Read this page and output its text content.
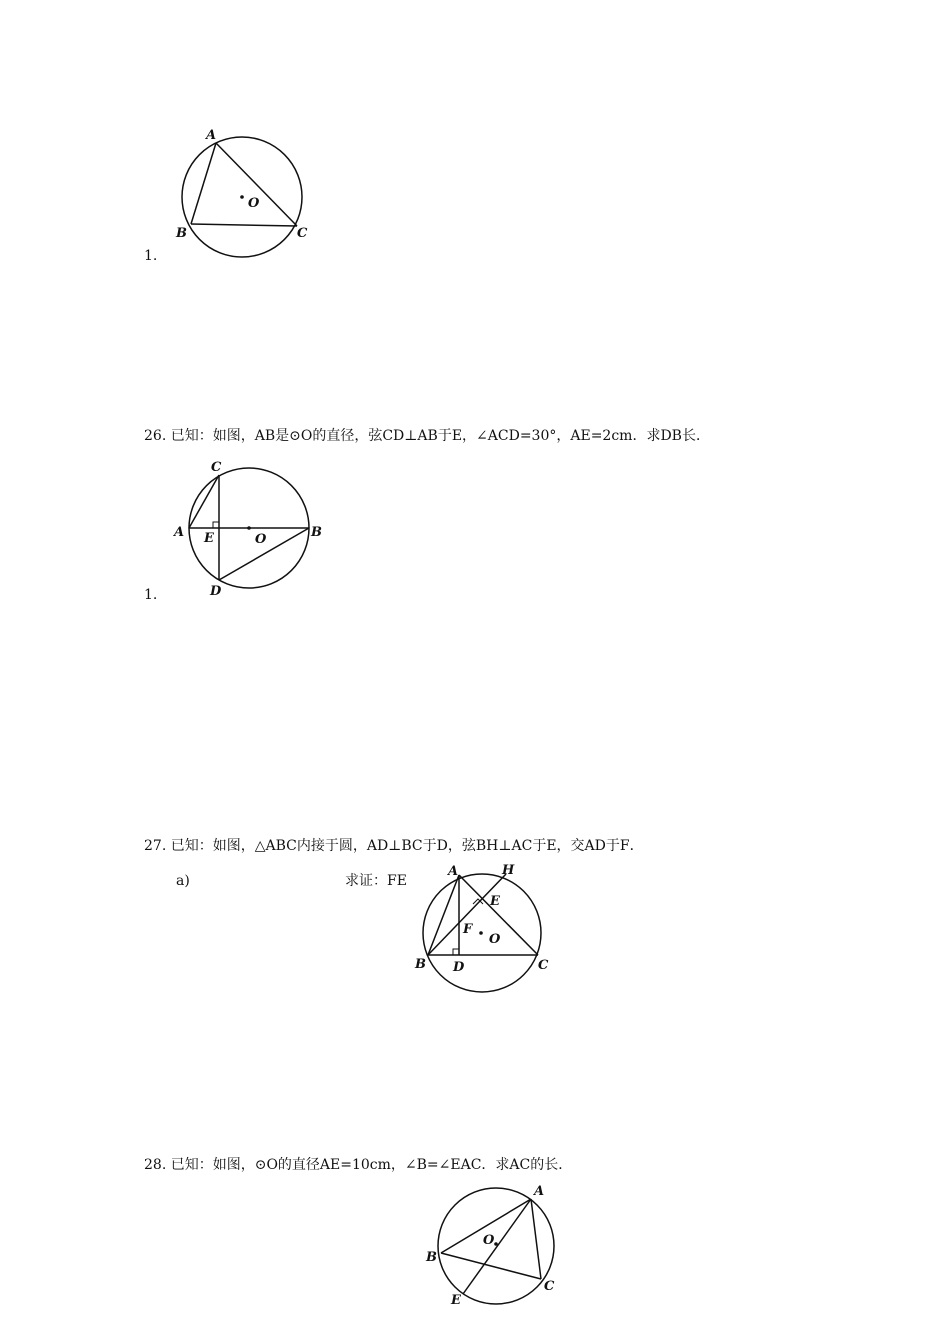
A
B	C
O
1.
26. 已知：如图，AB是⊙O的直径，弦CD⊥AB于E，∠ACD=30°，AE=2cm．求DB长．
C
A E	O	B
D
1.
27. 已知：如图，△ABC内接于圆，AD⊥BC于D，弦BH⊥AC于E，交AD于F．
a)	求证：FE
A	H
E
F
O
B D	C
28. 已知：如图，⊙O的直径AE=10cm，∠B=∠EAC．求AC的长．
A
O
B
C
E
